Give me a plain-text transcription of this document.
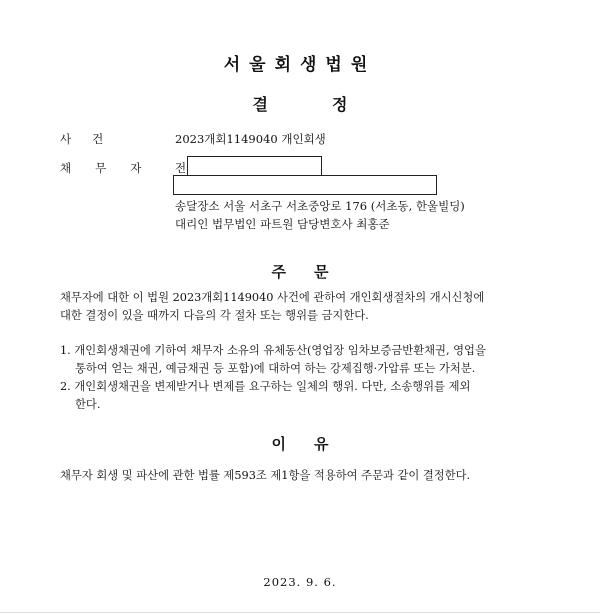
서울회생법원
결정
사건	2023개회1149040 개인회생
채무자 전
송달장소 서울 서초구 서초중앙로 176 (서초동, 한울빌딩)
대리인 법무법인 파트원 담당변호사 최홍준
주문
채무자에 대한 이 법원 2023개회1149040 사건에 관하여 개인회생절차의 개시신청에
대한 결정이 있을 때까지 다음의 각 절차 또는 행위를 금지한다.
1. 개인회생채권에 기하여 채무자 소유의 유체동산(영업장 임차보증금반환채권, 영업을
통하여 얻는 채권, 예금채권 등 포함)에 대하여 하는 강제집행·가압류 또는 가처분.
2. 개인회생채권을 변제받거나 변제를 요구하는 일체의 행위. 다만, 소송행위를 제외
한다.
이유
채무자 회생 및 파산에 관한 법률 제593조 제1항을 적용하여 주문과 같이 결정한다.
2023. 9. 6.
